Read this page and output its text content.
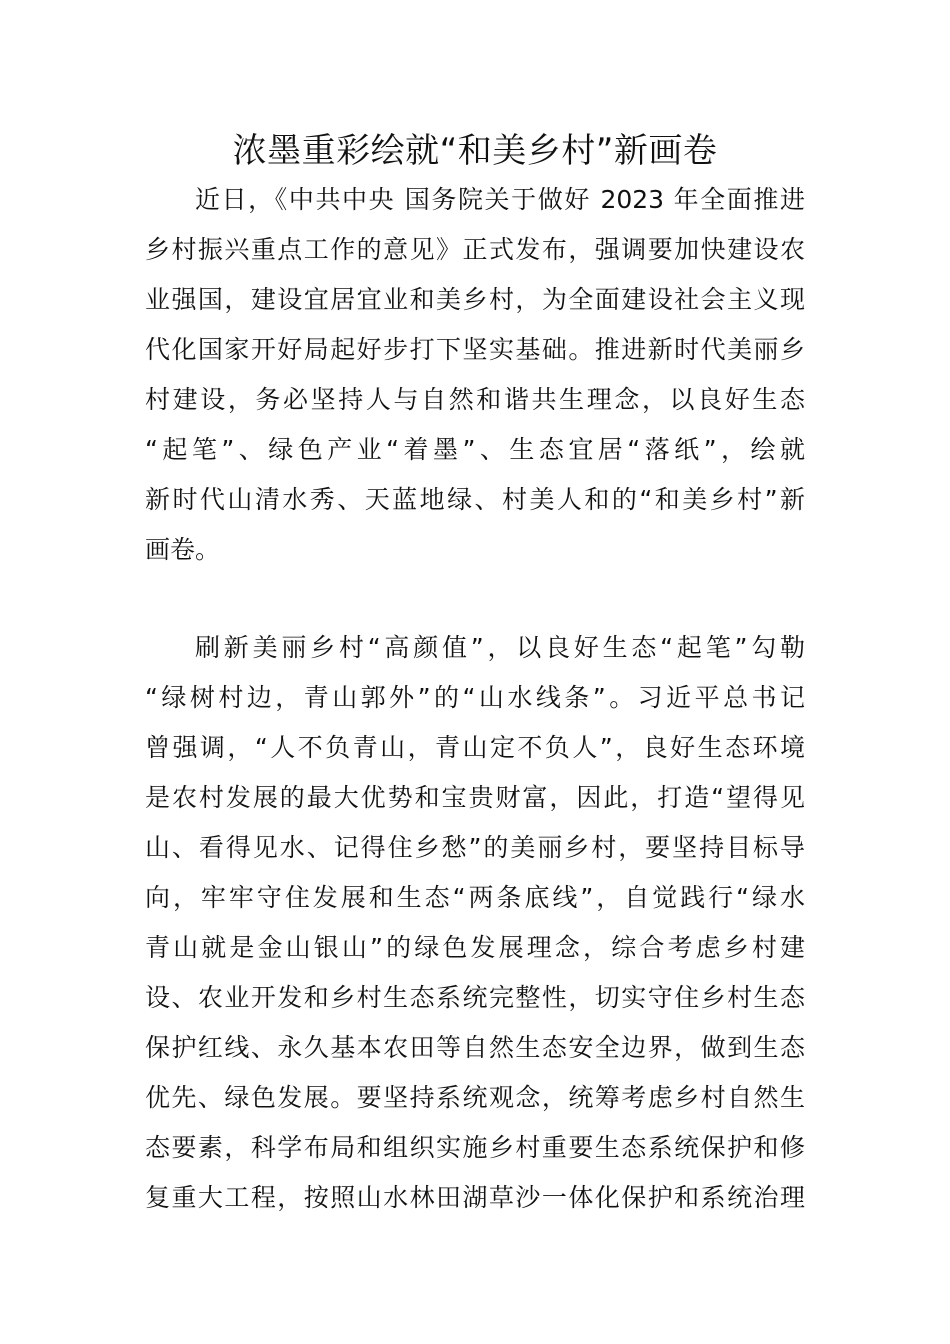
浓墨重彩绘就“和美乡村”新画卷
近日，《中共中央 国务院关于做好 2023 年全面推进
乡村振兴重点工作的意见》正式发布，强调要加快建设农
业强国，建设宜居宜业和美乡村，为全面建设社会主义现
代化国家开好局起好步打下坚实基础。推进新时代美丽乡
村建设，务必坚持人与自然和谐共生理念，以良好生态
“起笔”、绿色产业“着墨”、生态宜居“落纸”，绘就
新时代山清水秀、天蓝地绿、村美人和的“和美乡村”新
画卷。
刷新美丽乡村“高颜值”，以良好生态“起笔”勾勒
“绿树村边，青山郭外”的“山水线条”。习近平总书记
曾强调，“人不负青山，青山定不负人”，良好生态环境
是农村发展的最大优势和宝贵财富，因此，打造“望得见
山、看得见水、记得住乡愁”的美丽乡村，要坚持目标导
向，牢牢守住发展和生态“两条底线”，自觉践行“绿水
青山就是金山银山”的绿色发展理念，综合考虑乡村建
设、农业开发和乡村生态系统完整性，切实守住乡村生态
保护红线、永久基本农田等自然生态安全边界，做到生态
优先、绿色发展。要坚持系统观念，统筹考虑乡村自然生
态要素，科学布局和组织实施乡村重要生态系统保护和修
复重大工程，按照山水林田湖草沙一体化保护和系统治理
